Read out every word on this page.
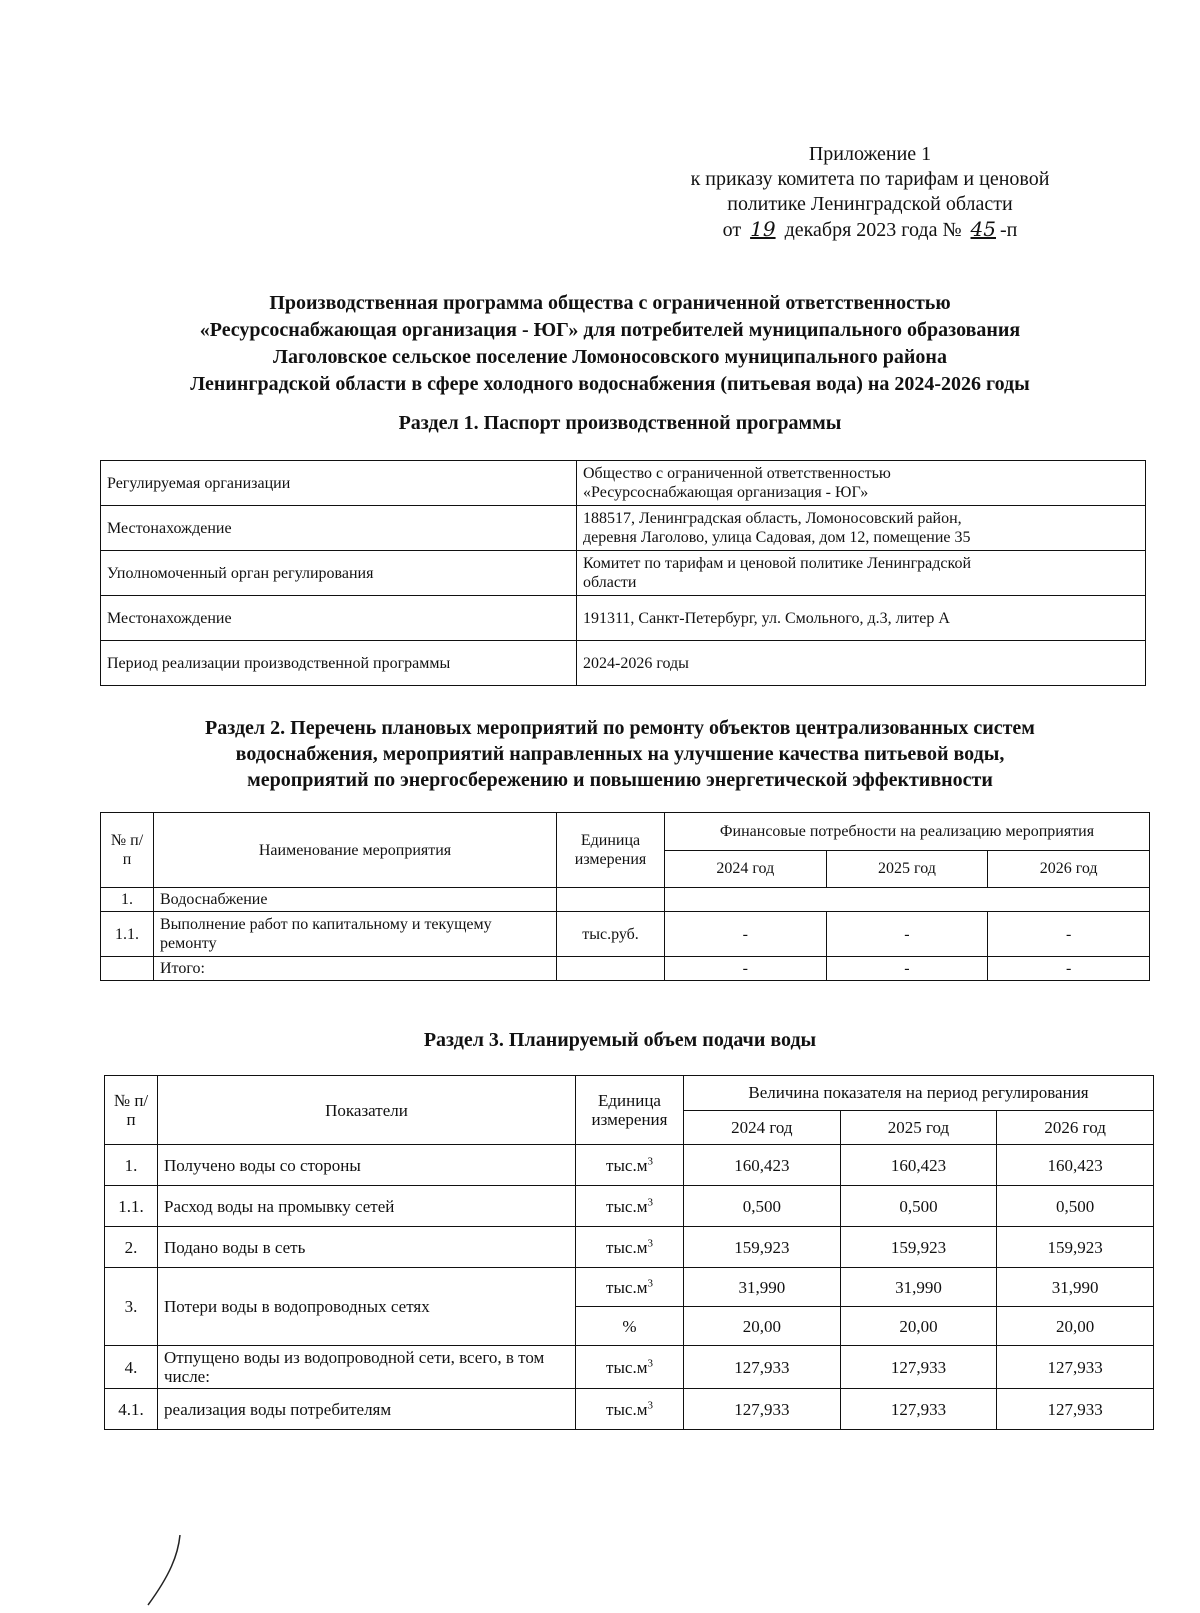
Приложение 1
к приказу комитета по тарифам и ценовой
политике Ленинградской области
от 19 декабря 2023 года № 45 -п
Производственная программа общества с ограниченной ответственностью
«Ресурсоснабжающая организация - ЮГ» для потребителей муниципального образования
Лаголовское сельское поселение Ломоносовского муниципального района
Ленинградской области в сфере холодного водоснабжения (питьевая вода) на 2024-2026 годы
Раздел 1. Паспорт производственной программы
Регулируемая организации	Общество с ограниченной ответственностью
«Ресурсоснабжающая организация - ЮГ»

Местонахождение	188517, Ленинградская область, Ломоносовский район,
деревня Лаголово, улица Садовая, дом 12, помещение 35

Уполномоченный орган регулирования	Комитет по тарифам и ценовой политике Ленинградской
области

Местонахождение	191311, Санкт-Петербург, ул. Смольного, д.3, литер А
Период реализации производственной программы	2024-2026 годы
Раздел 2. Перечень плановых мероприятий по ремонту объектов централизованных систем
водоснабжения, мероприятий направленных на улучшение качества питьевой воды,
мероприятий по энергосбережению и повышению энергетической эффективности
№ п/п	Наименование мероприятия	Единица измерения	Финансовые потребности на реализацию мероприятия		
			2024 год	2025 год	2026 год
1.	Водоснабжение				
1.1.	Выполнение работ по капитальному и текущему ремонту	тыс.руб.	-	-	-
	Итого:		-	-	-
Раздел 3. Планируемый объем подачи воды
№ п/п	Показатели	Единица измерения	Величина показателя на период регулирования		
			2024 год	2025 год	2026 год
1.	Получено воды со стороны	$тыс.м^3$	160,423	160,423	160,423
1.1.	Расход воды на промывку сетей	$тыс.м^3$	0,500	0,500	0,500
2.	Подано воды в сеть	$тыс.м^3$	159,923	159,923	159,923
3.	Потери воды в водопроводных сетях	$тыс.м^3$	31,990	31,990	31,990
		%	20,00	20,00	20,00
4.	Отпущено воды из водопроводной сети, всего, в том числе:	$тыс.м^3$	127,933	127,933	127,933
4.1.	реализация воды потребителям	$тыс.м^3$	127,933	127,933	127,933
